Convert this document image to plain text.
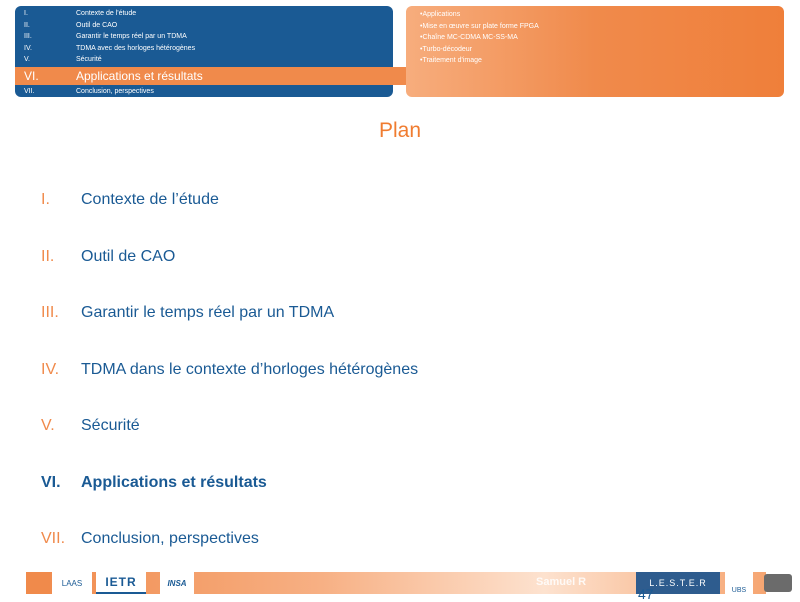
I.	Contexte de l'étude
II.	Outil de CAO
III.	Garantir le temps réel par un TDMA
IV.	TDMA avec des horloges hétérogènes
V.	Sécurité
VI.	Applications et résultats
VII.	Conclusion, perspectives
•Applications
•Mise en œuvre sur plate forme FPGA
•Chaîne MC-CDMA MC-SS-MA
•Turbo-décodeur
•Traitement d'image
Plan
I. Contexte de l’étude
II. Outil de CAO
III. Garantir le temps réel par un TDMA
IV. TDMA dans le contexte d’horloges hétérogènes
V. Sécurité
VI. Applications et résultats
VII. Conclusion, perspectives
LAAS	IETR	INSA	Samuel R	L.E.S.T.E.R
UBS
47
